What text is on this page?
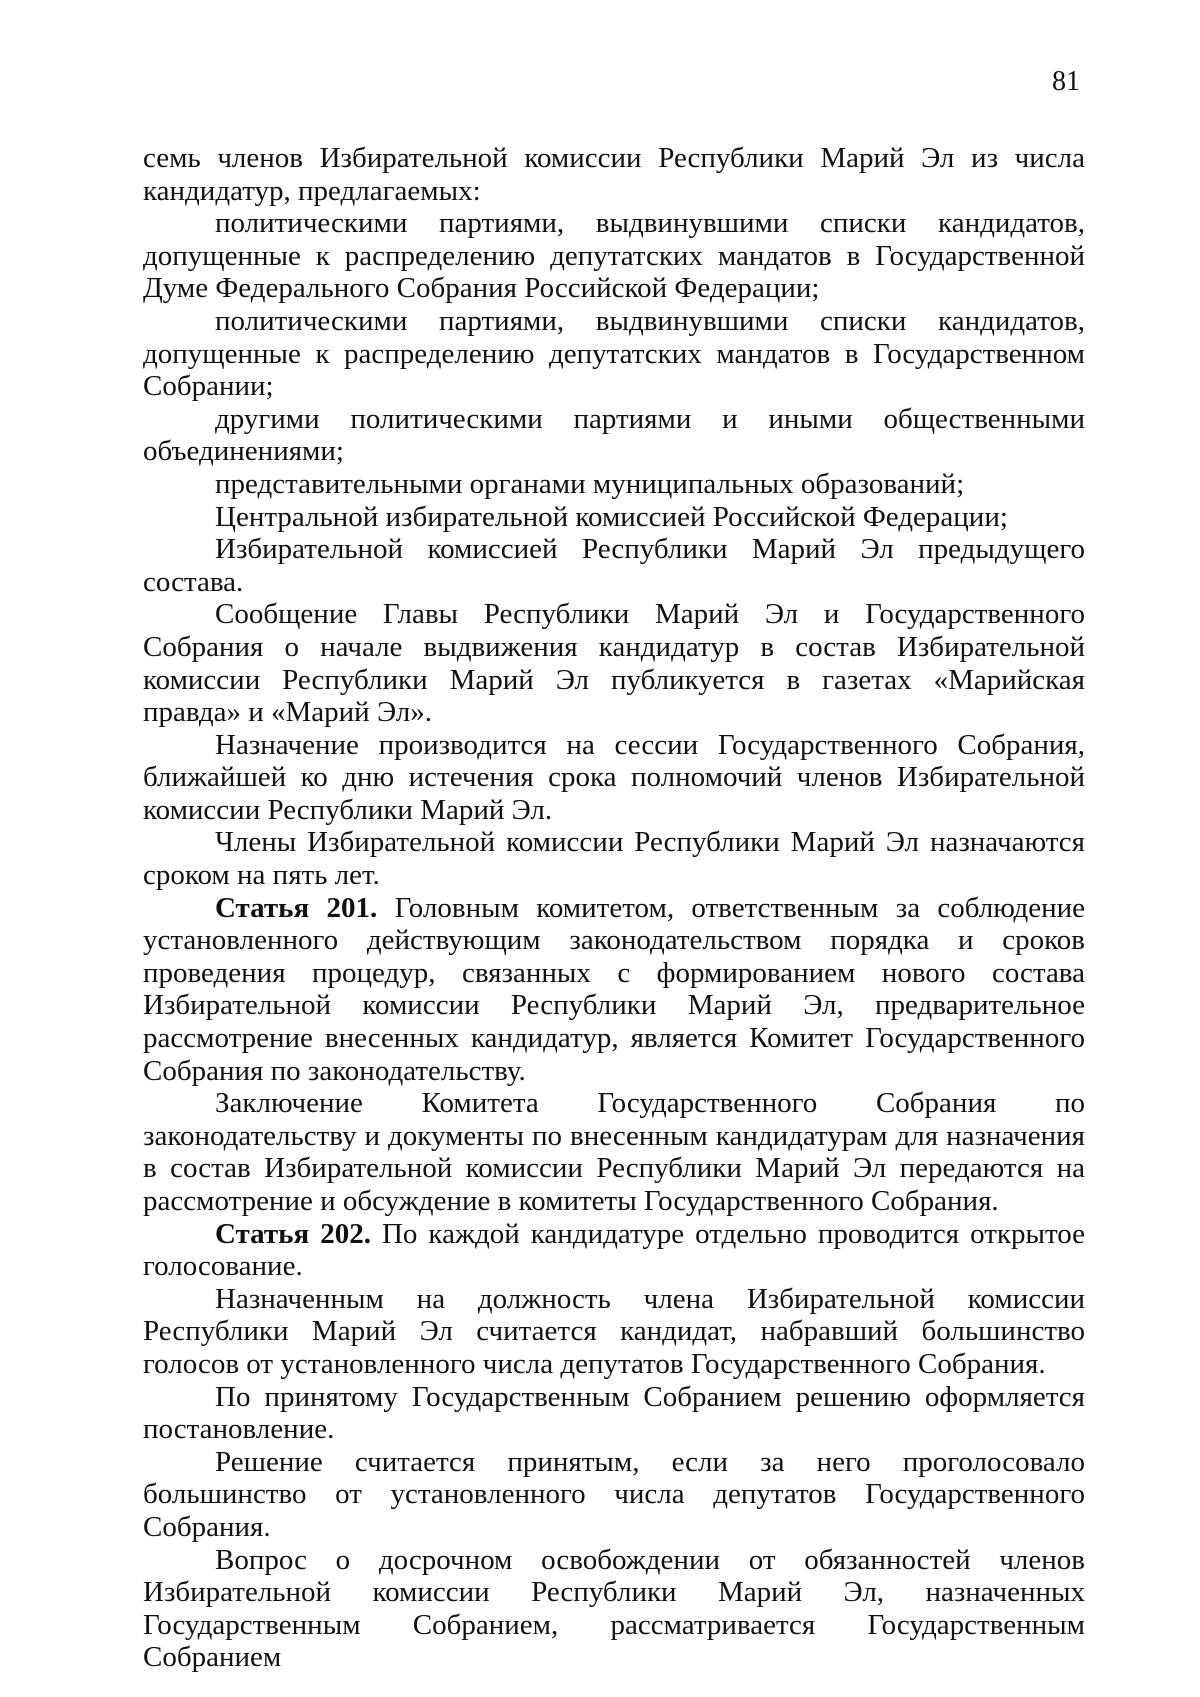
81

семь членов Избирательной комиссии Республики Марий Эл из числа кандидатур, предлагаемых:

политическими партиями, выдвинувшими списки кандидатов, допущенные к распределению депутатских мандатов в Государственной Думе Федерального Собрания Российской Федерации;

политическими партиями, выдвинувшими списки кандидатов, допущенные к распределению депутатских мандатов в Государственном Собрании;

другими политическими партиями и иными общественными объединениями;

представительными органами муниципальных образований;

Центральной избирательной комиссией Российской Федерации;

Избирательной комиссией Республики Марий Эл предыдущего состава.

Сообщение Главы Республики Марий Эл и Государственного Собрания о начале выдвижения кандидатур в состав Избирательной комиссии Республики Марий Эл публикуется в газетах «Марийская правда» и «Марий Эл».

Назначение производится на сессии Государственного Собрания, ближайшей ко дню истечения срока полномочий членов Избирательной комиссии Республики Марий Эл.

Члены Избирательной комиссии Республики Марий Эл назначаются сроком на пять лет.

Статья 201. Головным комитетом, ответственным за соблюдение установленного действующим законодательством порядка и сроков проведения процедур, связанных с формированием нового состава Избирательной комиссии Республики Марий Эл, предварительное рассмотрение внесенных кандидатур, является Комитет Государственного Собрания по законодательству.

Заключение Комитета Государственного Собрания по законодательству и документы по внесенным кандидатурам для назначения в состав Избирательной комиссии Республики Марий Эл передаются на рассмотрение и обсуждение в комитеты Государственного Собрания.

Статья 202. По каждой кандидатуре отдельно проводится открытое голосование.

Назначенным на должность члена Избирательной комиссии Республики Марий Эл считается кандидат, набравший большинство голосов от установленного числа депутатов Государственного Собрания.

По принятому Государственным Собранием решению оформляется постановление.

Решение считается принятым, если за него проголосовало большинство от установленного числа депутатов Государственного Собрания.

Вопрос о досрочном освобождении от обязанностей членов Избирательной комиссии Республики Марий Эл, назначенных Государственным Собранием, рассматривается Государственным Собранием
